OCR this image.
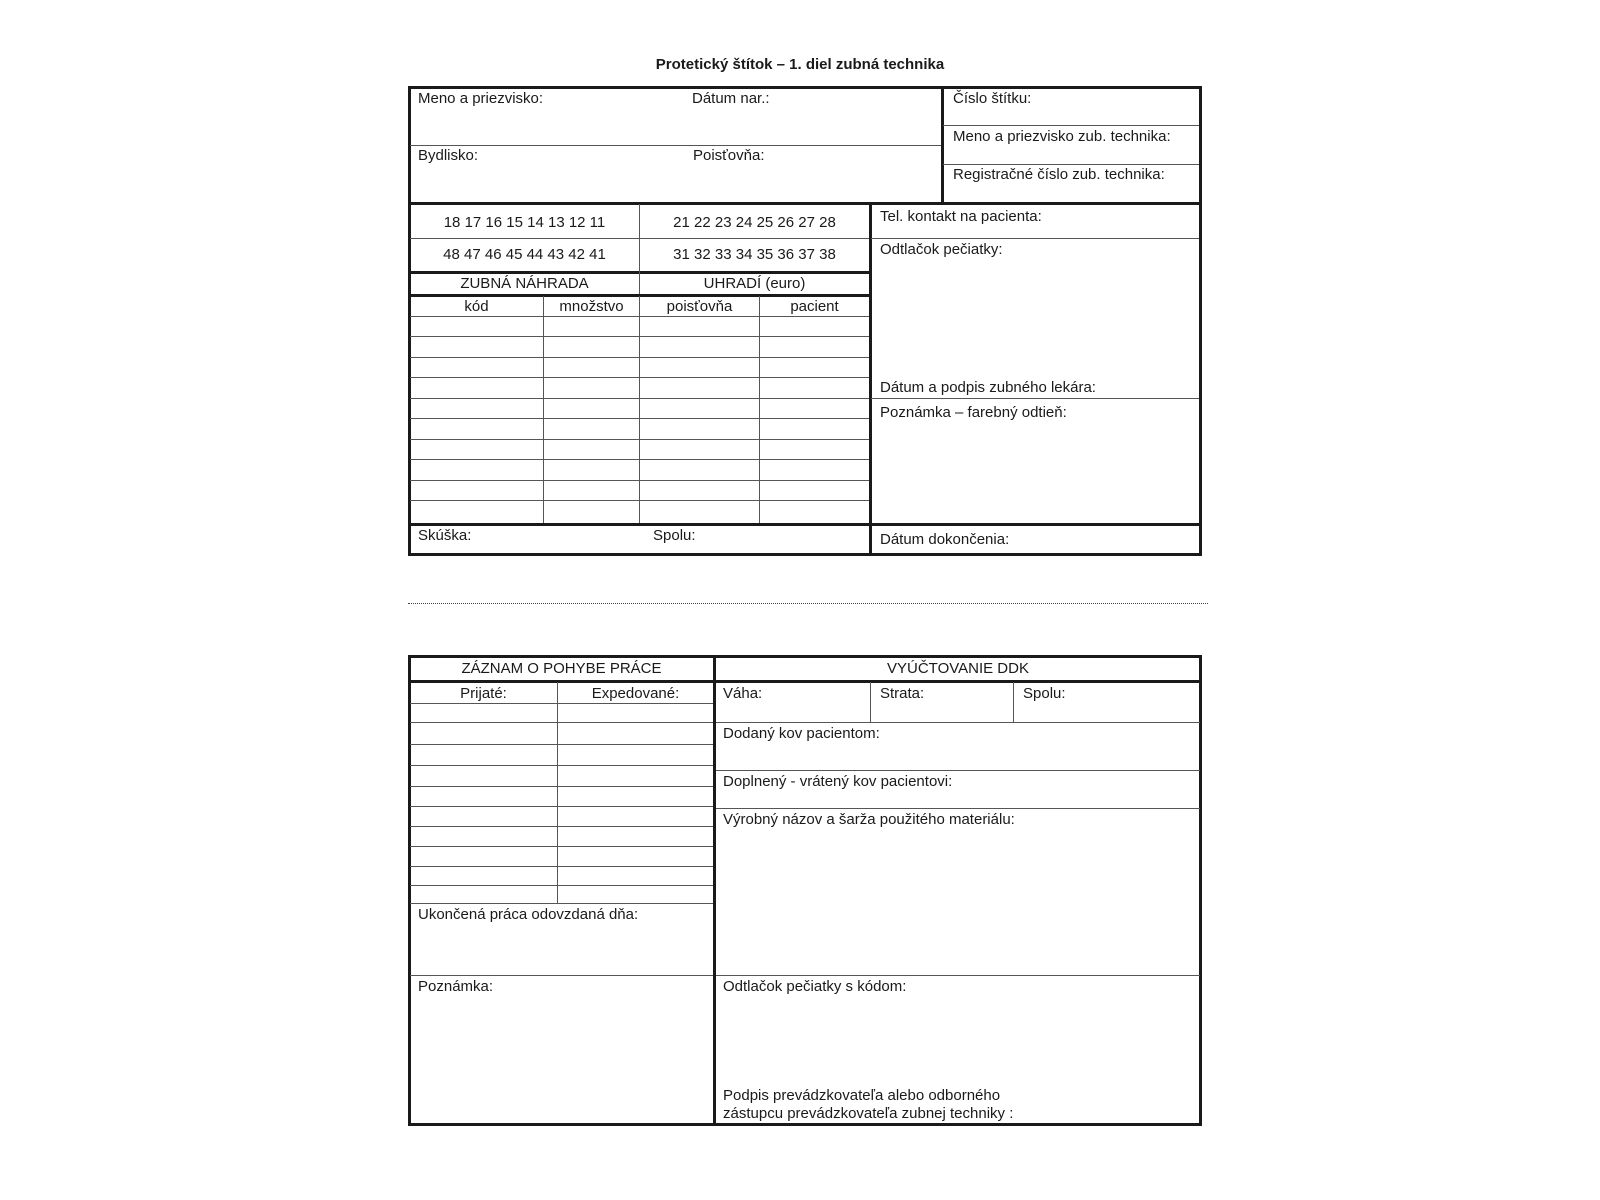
Protetický štítok – 1. diel zubná technika
Meno a priezvisko:	Dátum nar.:
Bydlisko:	Poisťovňa:
Číslo štítku:
Meno a priezvisko zub. technika:
Registračné číslo zub. technika:
18 17 16 15 14 13 12 11	21 22 23 24 25 26 27 28
48 47 46 45 44 43 42 41	31 32 33 34 35 36 37 38
ZUBNÁ NÁHRADA	UHRADÍ (euro)
kód	množstvo	poisťovňa	pacient
Tel. kontakt na pacienta:
Odtlačok pečiatky:
Dátum a podpis zubného lekára:
Poznámka – farebný odtieň:
Skúška:	Spolu:	Dátum dokončenia:
ZÁZNAM O POHYBE PRÁCE
Prijaté:	Expedované:
Ukončená práca odovzdaná dňa:
Poznámka:
VYÚČTOVANIE DDK
Váha:	Strata:	Spolu:
Dodaný kov pacientom:
Doplnený - vrátený kov pacientovi:
Výrobný názov a šarža použitého materiálu:
Odtlačok pečiatky s kódom:
Podpis prevádzkovateľa alebo odborného
zástupcu prevádzkovateľa zubnej techniky :
